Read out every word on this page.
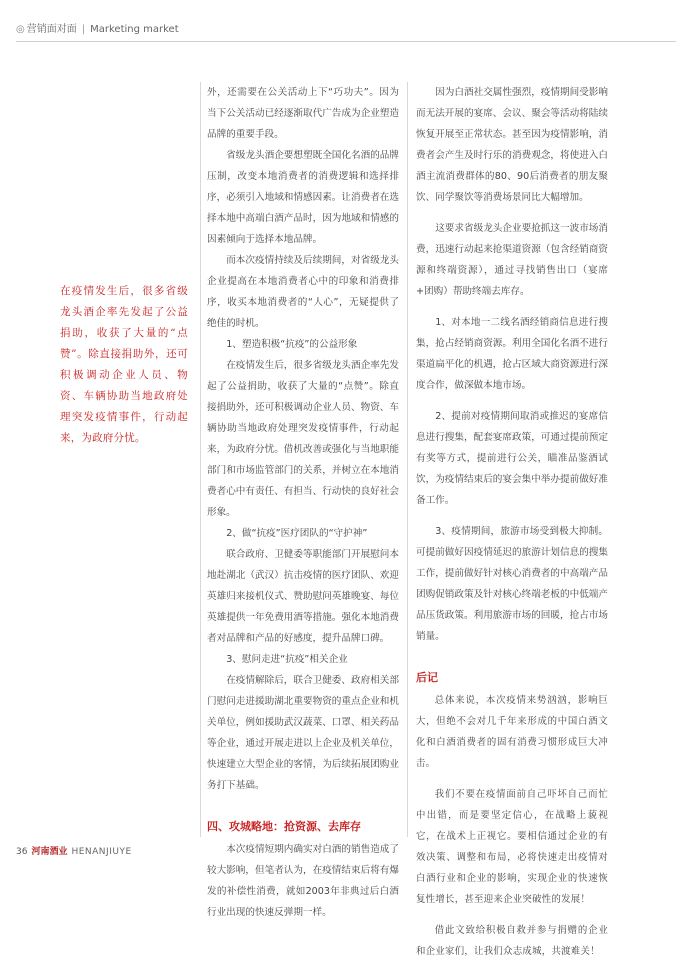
◎ 营销面对面 | Marketing market
在疫情发生后，很多省级龙头酒企率先发起了公益捐助，收获了大量的“点赞”。除直接捐助外，还可积极调动企业人员、物资、车辆协助当地政府处理突发疫情事件，行动起来，为政府分忧。

外，还需要在公关活动上下“巧功夫”。因为当下公关活动已经逐渐取代广告成为企业塑造品牌的重要手段。

省级龙头酒企要想塑既全国化名酒的品牌压制，改变本地消费者的消费逻辑和选择排序，必须引入地域和情感因素。让消费者在选择本地中高端白酒产品时，因为地域和情感的因素倾向于选择本地品牌。

而本次疫情持续及后续期间，对省级龙头企业提高在本地消费者心中的印象和消费排序，收买本地消费者的“人心”，无疑提供了绝佳的时机。

1、塑造积极“抗疫”的公益形象

在疫情发生后，很多省级龙头酒企率先发起了公益捐助，收获了大量的“点赞”。除直接捐助外，还可积极调动企业人员、物资、车辆协助当地政府处理突发疫情事件，行动起来，为政府分忧。借机改善或强化与当地职能部门和市场监管部门的关系，并树立在本地消费者心中有责任、有担当、行动快的良好社会形象。

2、做“抗疫”医疗团队的“守护神”

联合政府、卫健委等职能部门开展慰问本地赴湖北（武汉）抗击疫情的医疗团队、欢迎英雄归来接机仪式、赞助慰问英雄晚宴、每位英雄提供一年免费用酒等措施。强化本地消费者对品牌和产品的好感度，提升品牌口碑。

3、慰问走进“抗疫”相关企业

在疫情解除后，联合卫健委、政府相关部门慰问走进援助湖北重要物资的重点企业和机关单位，例如援助武汉蔬菜、口罩、相关药品等企业，通过开展走进以上企业及机关单位，快速建立大型企业的客情，为后续拓展团购业务打下基础。

四、攻城略地：抢资源、去库存

本次疫情短期内确实对白酒的销售造成了较大影响，但笔者认为，在疫情结束后将有爆发的补偿性消费，就如2003年非典过后白酒行业出现的快速反弹期一样。

因为白酒社交属性强烈，疫情期间受影响而无法开展的宴席、会议、聚会等活动将陆续恢复开展至正常状态。甚至因为疫情影响，消费者会产生及时行乐的消费观念，将使进入白酒主流消费群体的80、90后消费者的朋友聚饮、同学聚饮等消费场景同比大幅增加。

这要求省级龙头企业要抢抓这一波市场消费，迅速行动起来抢渠道资源（包含经销商资源和终端资源），通过寻找销售出口（宴席+团购）帮助终端去库存。

1、对本地一二线名酒经销商信息进行搜集，抢占经销商资源。利用全国化名酒不进行渠道扁平化的机遇，抢占区域大商资源进行深度合作，做深做本地市场。

2、提前对疫情期间取消或推迟的宴席信息进行搜集，配套宴席政策，可通过提前预定有奖等方式，提前进行公关，瞄准品鉴酒试饮，为疫情结束后的宴会集中举办提前做好准备工作。

3、疫情期间，旅游市场受到极大抑制。可提前做好因疫情延迟的旅游计划信息的搜集工作，提前做好针对核心消费者的中高端产品团购促销政策及针对核心终端老板的中低端产品压货政策。利用旅游市场的回暖，抢占市场销量。

后记

总体来说，本次疫情来势汹汹，影响巨大，但绝不会对几千年来形成的中国白酒文化和白酒消费者的固有消费习惯形成巨大冲击。

我们不要在疫情面前自己吓坏自己而忙中出错，而是要坚定信心，在战略上藐视它，在战术上正视它。要相信通过企业的有效决策、调整和布局，必将快速走出疫情对白酒行业和企业的影响，实现企业的快速恢复性增长，甚至迎来企业突破性的发展！

借此文致给积极自救并参与捐赠的企业和企业家们，让我们众志成城，共渡难关！

36 河南酒业 HENANJIUYE
